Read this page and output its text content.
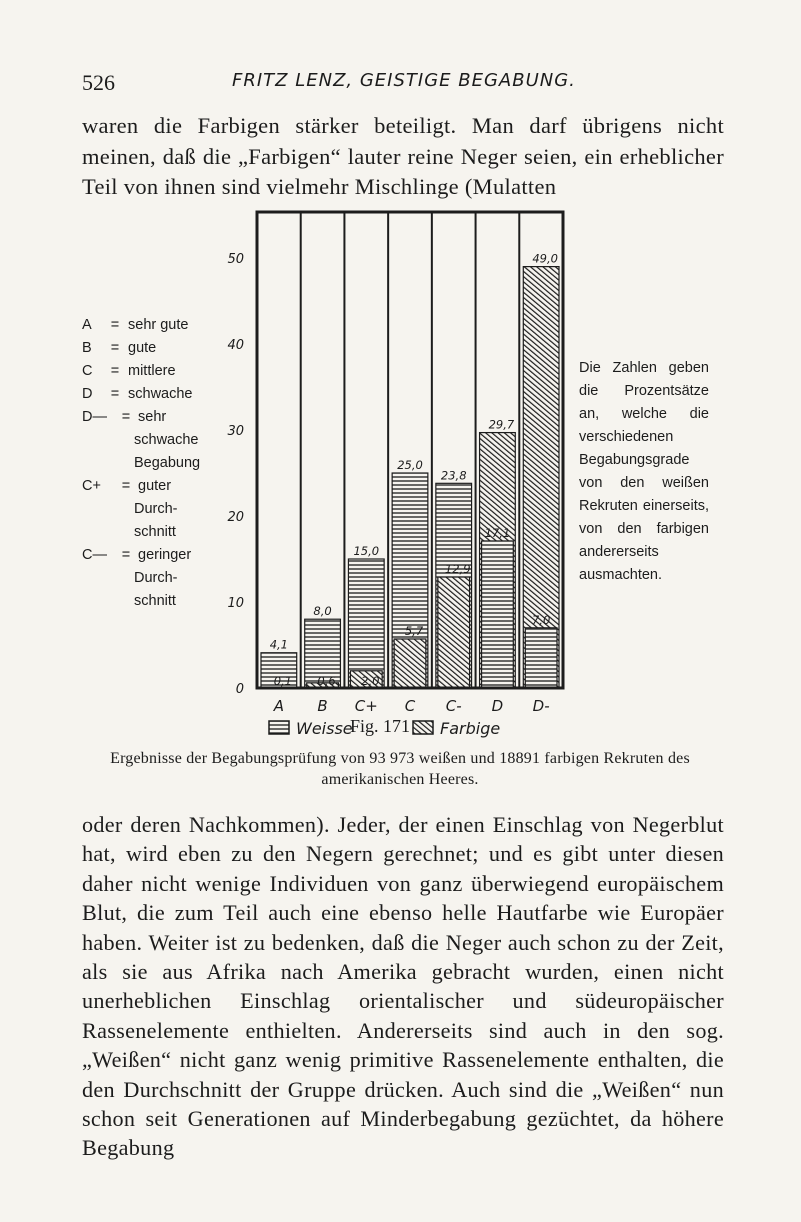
526	FRITZ LENZ, GEISTIGE BEGABUNG.
waren die Farbigen stärker beteiligt. Man darf übrigens nicht meinen, daß die „Farbigen“ lauter reine Neger seien, ein erheblicher Teil von ihnen sind vielmehr Mischlinge (Mulatten
A	= sehr gute
B	= gute
C	= mittlere
D	= schwache
D—	= sehr
schwache
Begabung
C+	= guter
Durch-
schnitt
C—	= geringer
Durch-
schnitt
0
10
20
30
40
50
4,1
0,1
A
8,0
0,6
B
15,0
2,0
C+
25,0
5,7
C
23,8
12,9
C-
17,1
29,7
D
7,0
49,0
D-
Weisse	Farbige
Die Zahlen geben die Prozentsätze an, welche die verschiedenen Begabungsgrade von den weißen Rekruten einerseits, von den farbigen andererseits ausmachten.
Fig. 171
Ergebnisse der Begabungsprüfung von 93 973 weißen und 18891 farbigen Rekruten des amerikanischen Heeres.
oder deren Nachkommen). Jeder, der einen Einschlag von Negerblut hat, wird eben zu den Negern gerechnet; und es gibt unter diesen daher nicht wenige Individuen von ganz überwiegend europäischem Blut, die zum Teil auch eine ebenso helle Hautfarbe wie Europäer haben. Weiter ist zu bedenken, daß die Neger auch schon zu der Zeit, als sie aus Afrika nach Amerika gebracht wurden, einen nicht unerheblichen Einschlag orientalischer und südeuropäischer Rassenelemente enthielten. Andererseits sind auch in den sog. „Weißen“ nicht ganz wenig primitive Rassenelemente enthalten, die den Durchschnitt der Gruppe drücken. Auch sind die „Weißen“ nun schon seit Generationen auf Minderbegabung gezüchtet, da höhere Begabung
